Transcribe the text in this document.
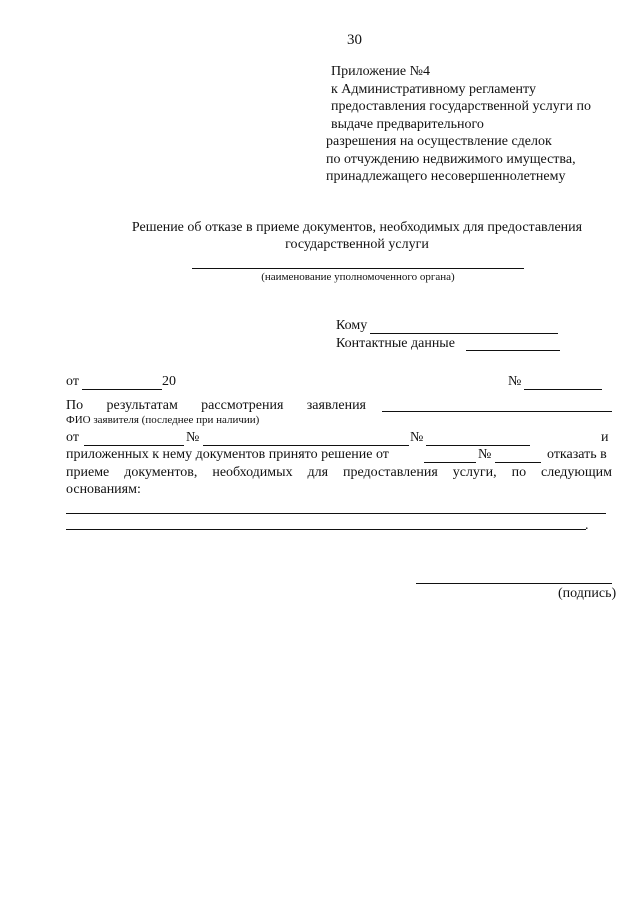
30
Приложение №4
к Административному регламенту
предоставления государственной услуги по
выдаче предварительного
разрешения на осуществление сделок
по отчуждению недвижимого имущества,
принадлежащего несовершеннолетнему
Решение об отказе в приеме документов, необходимых для предоставления
государственной услуги
(наименование уполномоченного органа)
Кому
Контактные данные
от	20	№
По результатам рассмотрения заявления
ФИО заявителя (последнее при наличии)
от	№	№	и
приложенных к нему документов принято решение от	№	отказать в
приеме документов, необходимых для предоставления услуги, по следующим
основаниям:
.
(подпись)
